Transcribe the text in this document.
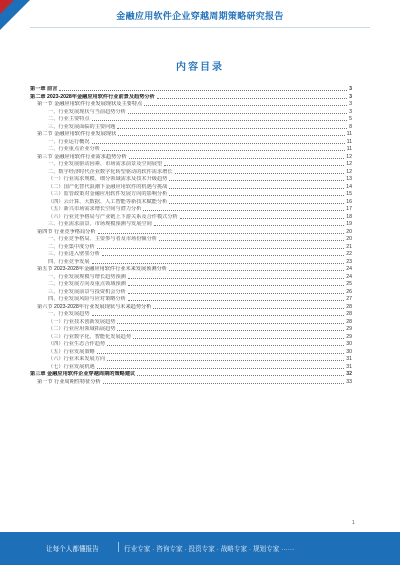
金融应用软件企业穿越周期策略研究报告
内容目录
第一章 前言	3
第二章 2023-2028年金融应用软件行业前景及趋势分析	3
第一节 金融应用软件行业发展现状及主要特点	3
一、行业发展现状与当前趋势分析	3
二、行业主要特点	5
三、行业发展面临的主要问题	8
第二节 金融应用软件行业发展现状	11
一、行业运行概况	11
二、行业重点企业分析	11
第三节 金融应用软件行业需求趋势分析	12
一、行业发展驱动因素、市场需求前景及空间展望	12
二、数字经济时代企业数字化转型驱动的软件需求增长	12
（一）行业需求规模、细分领域需求及技术升级趋势	13
（二）国产化替代浪潮下金融应用软件的机遇与挑战	14
（三）监管政策对金融应用软件发展方向的影响分析	15
（四）云计算、大数据、人工智能等新技术赋能分析	16
（五）新兴市场需求增长空间与潜力分析	17
（六）行业竞争格局与产业链上下游关系及合作模式分析	18
三、行业需求前景、市场规模预测与发展空间	19
第四节 行业竞争格局分析	20
一、行业竞争格局、主要参与者及市场份额分析	20
二、行业集中度分析	21
三、行业进入壁垒分析	22
四、行业竞争发展	23
第五节 2023-2028年金融应用软件行业未来发展预测分析	24
一、行业发展规模与增长趋势预测	24
二、行业发展方向及重点领域预测	25
三、行业发展前景与投资机会分析	26
四、行业发展风险与应对策略分析	27
第六节 2023-2028年行业发展现状与未来趋势分析	28
一、行业发展趋势	28
（一）行业技术创新发展趋势	28
（二）行业应用领域拓展趋势	29
（三）行业数字化、智能化发展趋势	29
（四）行业生态合作趋势	30
（五）行业发展策略	30
（六）行业未来发展方向	31
（七）行业发展机遇	31
第三章 金融应用软件企业穿越周期的策略建议	32
第一节 行业周期性特征分析	33
1
让每个人都懂报告	行业专家 · 咨询专家 · 投资专家 · 战略专家 · 规划专家 ······
